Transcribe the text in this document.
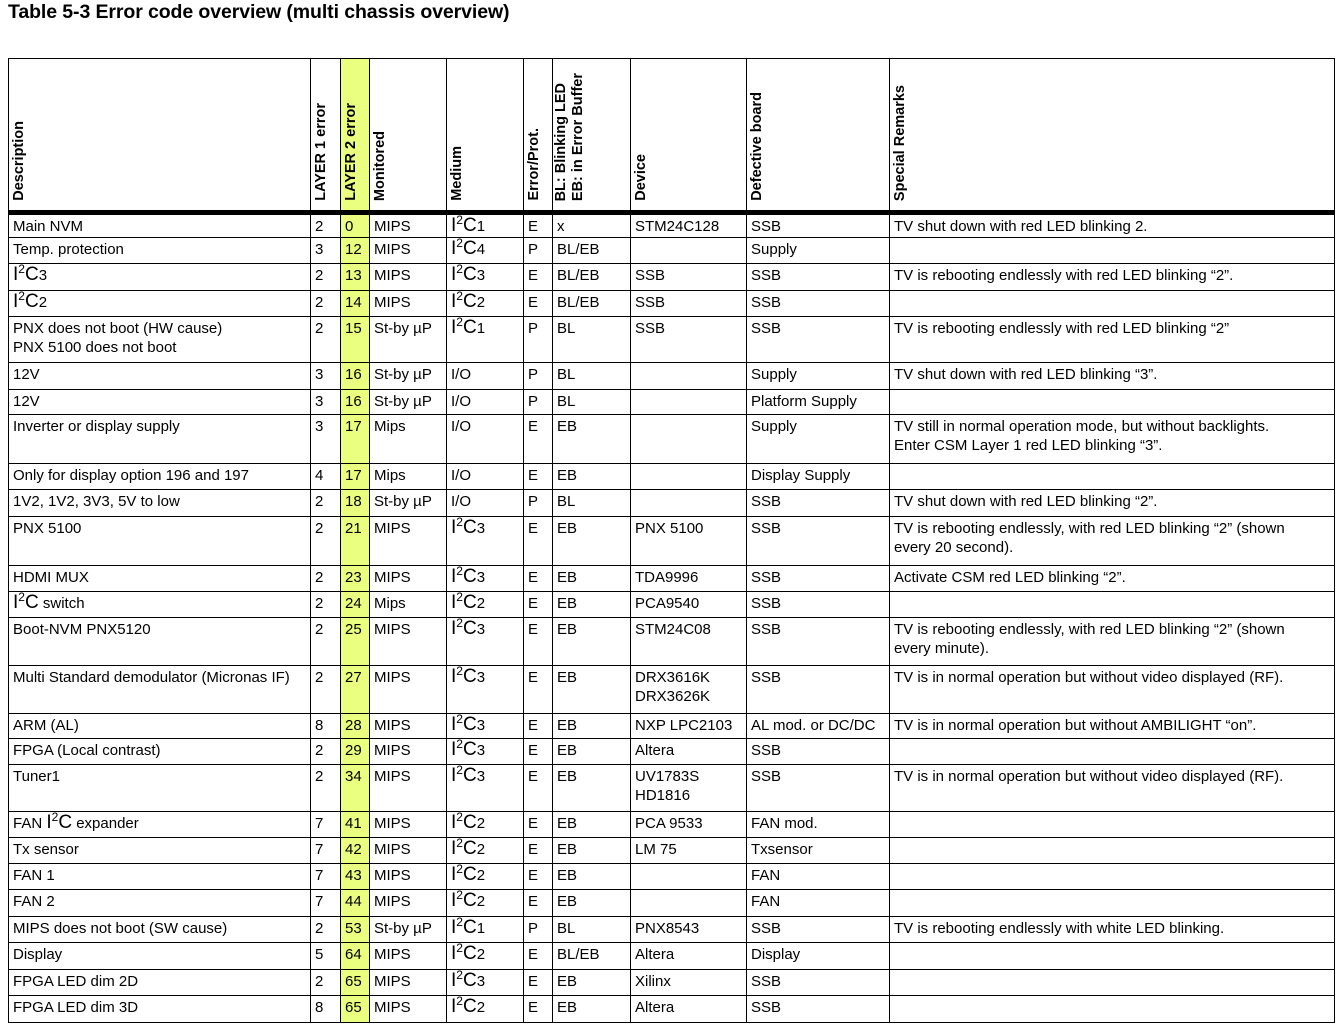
Table 5-3 Error code overview (multi chassis overview)
Description	LAYER 1 error	LAYER 2 error	Monitored	Medium	Error/Prot.	BL: Blinking LEDEB: in Error Buffer	Device	Defective board	Special Remarks

Main NVM	2	0	MIPS	$I^2C1$	E	x	STM24C128	SSB	TV shut down with red LED blinking 2.

Temp. protection	3	12	MIPS	$I^2C4$	P	BL/EB		Supply	

$I^2C3$	2	13	MIPS	$I^2C3$	E	BL/EB	SSB	SSB	TV is rebooting endlessly with red LED blinking “2”.

$I^2C2$	2	14	MIPS	$I^2C2$	E	BL/EB	SSB	SSB	

PNX does not boot (HW cause)
PNX 5100 does not boot	2	15	St-by µP	$I^2C1$	P	BL	SSB	SSB	TV is rebooting endlessly with red LED blinking “2”

12V	3	16	St-by µP	I/O	P	BL		Supply	TV shut down with red LED blinking “3”.

12V	3	16	St-by µP	I/O	P	BL		Platform Supply	

Inverter or display supply	3	17	Mips	I/O	E	EB		Supply	TV still in normal operation mode, but without backlights.
Enter CSM Layer 1 red LED blinking “3”.

Only for display option 196 and 197	4	17	Mips	I/O	E	EB		Display Supply	

1V2, 1V2, 3V3, 5V to low	2	18	St-by µP	I/O	P	BL		SSB	TV shut down with red LED blinking “2”.

PNX 5100	2	21	MIPS	$I^2C3$	E	EB	PNX 5100	SSB	TV is rebooting endlessly, with red LED blinking “2” (shown
every 20 second).

HDMI MUX	2	23	MIPS	$I^2C3$	E	EB	TDA9996	SSB	Activate CSM red LED blinking “2”.

$I^2C$ switch	2	24	Mips	$I^2C2$	E	EB	PCA9540	SSB	

Boot-NVM PNX5120	2	25	MIPS	$I^2C3$	E	EB	STM24C08	SSB	TV is rebooting endlessly, with red LED blinking “2” (shown
every minute).

Multi Standard demodulator (Micronas IF)	2	27	MIPS	$I^2C3$	E	EB	DRX3616K
DRX3626K	SSB	TV is in normal operation but without video displayed (RF).

ARM (AL)	8	28	MIPS	$I^2C3$	E	EB	NXP LPC2103	AL mod. or DC/DC	TV is in normal operation but without AMBILIGHT “on”.

FPGA (Local contrast)	2	29	MIPS	$I^2C3$	E	EB	Altera	SSB	

Tuner1	2	34	MIPS	$I^2C3$	E	EB	UV1783S
HD1816	SSB	TV is in normal operation but without video displayed (RF).

FAN $I^2C$ expander	7	41	MIPS	$I^2C2$	E	EB	PCA 9533	FAN mod.	

Tx sensor	7	42	MIPS	$I^2C2$	E	EB	LM 75	Txsensor	

FAN 1	7	43	MIPS	$I^2C2$	E	EB		FAN	

FAN 2	7	44	MIPS	$I^2C2$	E	EB		FAN	

MIPS does not boot (SW cause)	2	53	St-by µP	$I^2C1$	P	BL	PNX8543	SSB	TV is rebooting endlessly with white LED blinking.

Display	5	64	MIPS	$I^2C2$	E	BL/EB	Altera	Display	

FPGA LED dim 2D	2	65	MIPS	$I^2C3$	E	EB	Xilinx	SSB	

FPGA LED dim 3D	8	65	MIPS	$I^2C2$	E	EB	Altera	SSB	
